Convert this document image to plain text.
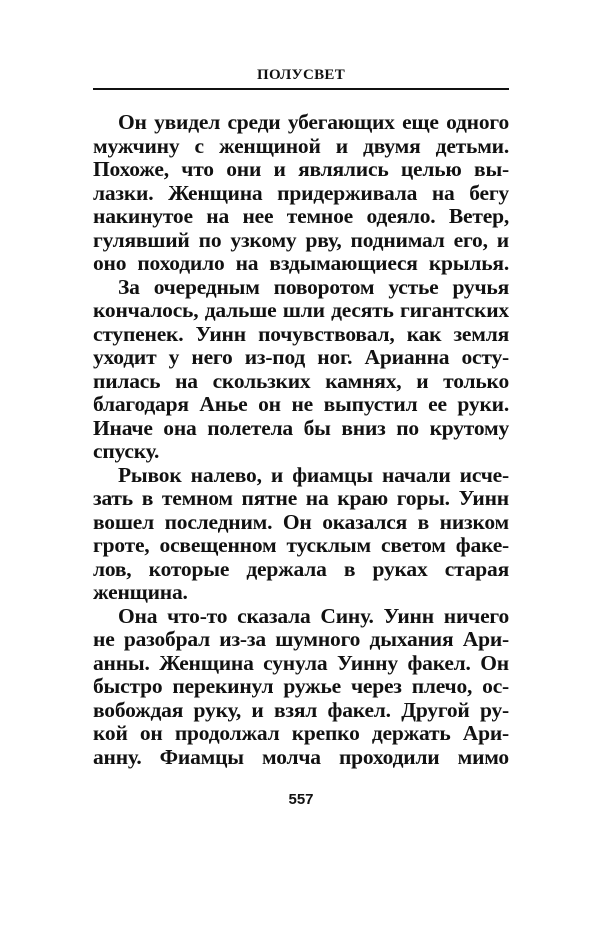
ПОЛУСВЕТ
Он увидел среди убегающих еще одного
мужчину с женщиной и двумя детьми.
Похоже, что они и являлись целью вы-
лазки. Женщина придерживала на бегу
накинутое на нее темное одеяло. Ветер,
гулявший по узкому рву, поднимал его, и
оно походило на вздымающиеся крылья.
За очередным поворотом устье ручья
кончалось, дальше шли десять гигантских
ступенек. Уинн почувствовал, как земля
уходит у него из-под ног. Арианна осту-
пилась на скользких камнях, и только
благодаря Анье он не выпустил ее руки.
Иначе она полетела бы вниз по крутому
спуску.
Рывок налево, и фиамцы начали исче-
зать в темном пятне на краю горы. Уинн
вошел последним. Он оказался в низком
гроте, освещенном тусклым светом факе-
лов, которые держала в руках старая
женщина.
Она что-то сказала Сину. Уинн ничего
не разобрал из-за шумного дыхания Ари-
анны. Женщина сунула Уинну факел. Он
быстро перекинул ружье через плечо, ос-
вобождая руку, и взял факел. Другой ру-
кой он продолжал крепко держать Ари-
анну. Фиамцы молча проходили мимо
557
